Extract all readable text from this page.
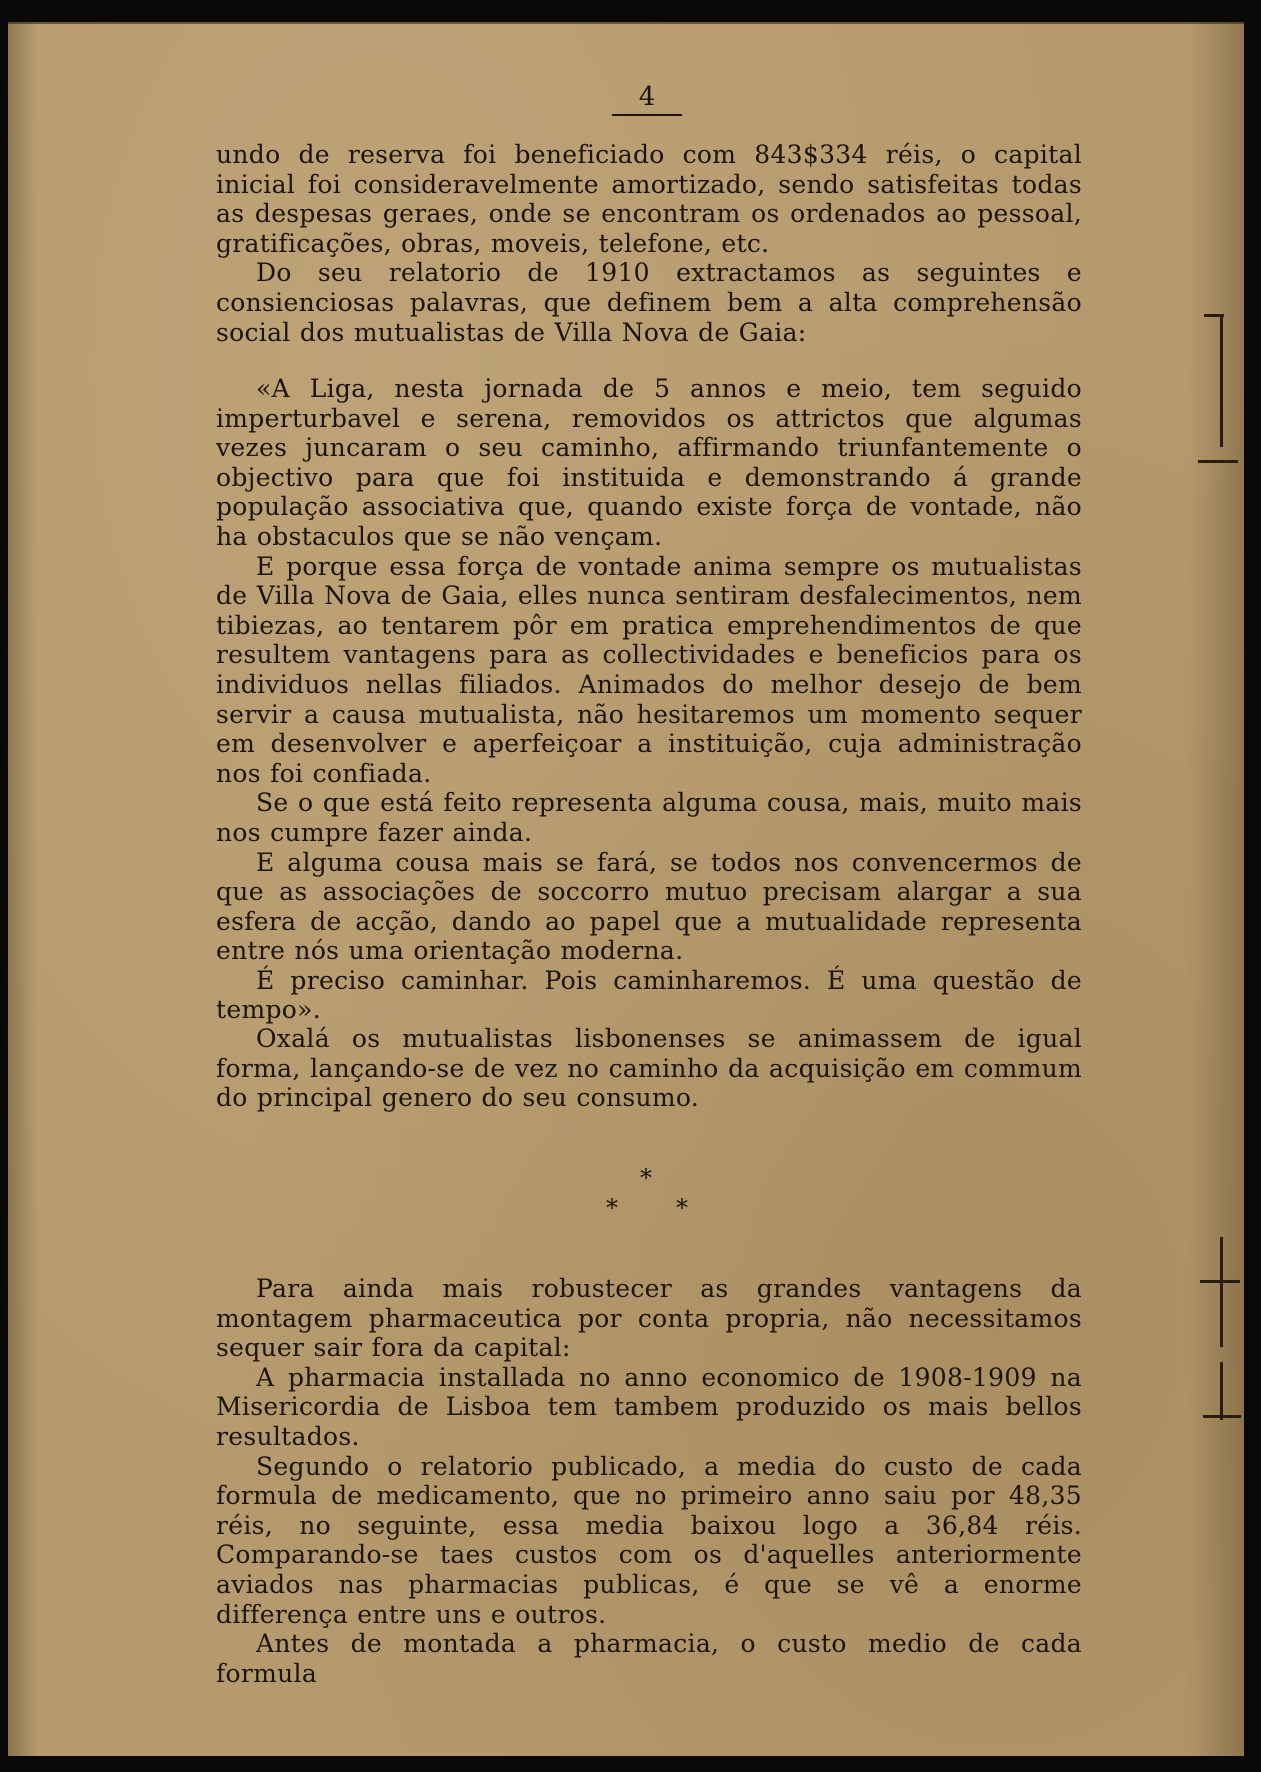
4

undo de reserva foi beneficiado com 843$334 réis, o capital inicial foi consideravelmente amortizado, sendo satisfeitas todas as despesas geraes, onde se encontram os ordenados ao pessoal, gratificações, obras, moveis, telefone, etc.

Do seu relatorio de 1910 extractamos as seguintes e consienciosas palavras, que definem bem a alta comprehensão social dos mutualistas de Villa Nova de Gaia:

«A Liga, nesta jornada de 5 annos e meio, tem seguido imperturbavel e serena, removidos os attrictos que algumas vezes juncaram o seu caminho, affirmando triunfantemente o objectivo para que foi instituida e demonstrando á grande população associativa que, quando existe força de vontade, não ha obstaculos que se não vençam.

E porque essa força de vontade anima sempre os mutualistas de Villa Nova de Gaia, elles nunca sentiram desfalecimentos, nem tibiezas, ao tentarem pôr em pratica emprehendimentos de que resultem vantagens para as collectividades e beneficios para os individuos nellas filiados. Animados do melhor desejo de bem servir a causa mutualista, não hesitaremos um momento sequer em desenvolver e aperfeiçoar a instituição, cuja administração nos foi confiada.

Se o que está feito representa alguma cousa, mais, muito mais nos cumpre fazer ainda.

E alguma cousa mais se fará, se todos nos convencermos de que as associações de soccorro mutuo precisam alargar a sua esfera de acção, dando ao papel que a mutualidade representa entre nós uma orientação moderna.

É preciso caminhar. Pois caminharemos. É uma questão de tempo».

Oxalá os mutualistas lisbonenses se animassem de igual forma, lançando-se de vez no caminho da acquisição em commum do principal genero do seu consumo.

*
* *

Para ainda mais robustecer as grandes vantagens da montagem pharmaceutica por conta propria, não necessitamos sequer sair fora da capital:

A pharmacia installada no anno economico de 1908-1909 na Misericordia de Lisboa tem tambem produzido os mais bellos resultados.

Segundo o relatorio publicado, a media do custo de cada formula de medicamento, que no primeiro anno saiu por 48,35 réis, no seguinte, essa media baixou logo a 36,84 réis. Comparando-se taes custos com os d'aquelles anteriormente aviados nas pharmacias publicas, é que se vê a enorme differença entre uns e outros.

Antes de montada a pharmacia, o custo medio de cada formula
